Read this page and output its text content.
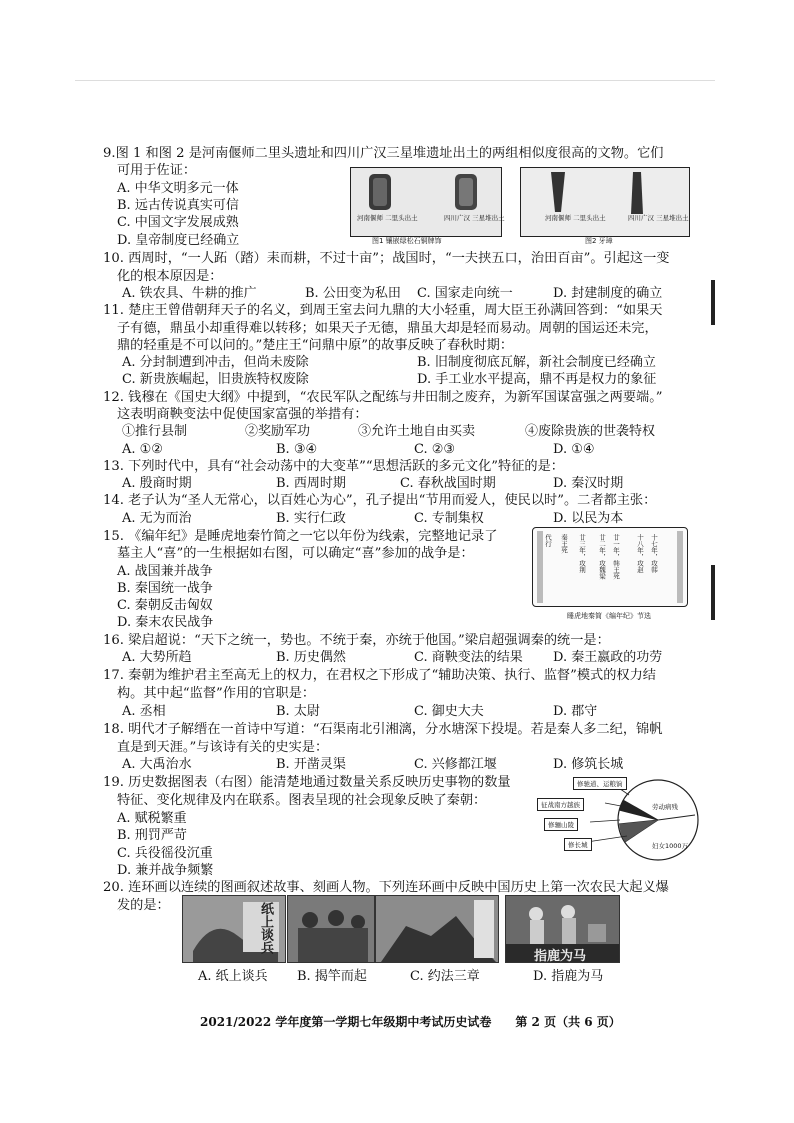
9.图 1 和图 2 是河南偃师二里头遗址和四川广汉三星堆遗址出土的两组相似度很高的文物。它们
可用于佐证：
A. 中华文明多元一体
B. 远古传说真实可信
C. 中国文字发展成熟
D. 皇帝制度已经确立
河南偃师 二里头出土	四川广汉 三星堆出土
图1 镶嵌绿松石铜牌饰
河南偃师 二里头出土	四川广汉 三星堆出土
图2 牙璋
10. 西周时，“一人跖（踏）耒而耕，不过十亩”；战国时，“一夫挟五口，治田百亩”。引起这一变
化的根本原因是：
A. 铁农具、牛耕的推广	B. 公田变为私田 C. 国家走向统一	D. 封建制度的确立
11. 楚庄王曾借朝拜天子的名义，到周王室去问九鼎的大小轻重，周大臣王孙满回答到：“如果天
子有德，鼎虽小却重得难以转移；如果天子无德，鼎虽大却是轻而易动。周朝的国运还未完，
鼎的轻重是不可以问的。”楚庄王“问鼎中原”的故事反映了春秋时期：
A. 分封制遭到冲击，但尚未废除	B. 旧制度彻底瓦解，新社会制度已经确立
C. 新贵族崛起，旧贵族特权废除	D. 手工业水平提高，鼎不再是权力的象征
12. 钱穆在《国史大纲》中提到，“农民军队之配练与井田制之废弃，为新军国谋富强之两要端。”
这表明商鞅变法中促使国家富强的举措有：
①推行县制	②奖励军功	③允许土地自由买卖	④废除贵族的世袭特权
A. ①②	B. ③④	C. ②③	D. ①④
13. 下列时代中，具有“社会动荡中的大变革”“思想活跃的多元文化”特征的是：
A. 殷商时期	B. 西周时期	C. 春秋战国时期	D. 秦汉时期
14. 老子认为“圣人无常心，以百姓心为心”，孔子提出“节用而爱人，使民以时”。二者都主张：
A. 无为而治	B. 实行仁政	C. 专制集权	D. 以民为本
15. 《编年纪》是睡虎地秦竹简之一它以年份为线索，完整地记录了
墓主人“喜”的一生根据如右图，可以确定“喜”参加的战争是：
A. 战国兼并战争
B. 秦国统一战争
C. 秦朝反击匈奴
D. 秦末农民战争
十七年，攻韩
十八年，攻赵
廿一年，韩王死
廿二年，攻魏梁
廿三年，攻荆
秦王死
代行
睡虎地秦简《编年纪》节选
16. 梁启超说：“天下之统一，势也。不统于秦，亦统于他国。”梁启超强调秦的统一是：
A. 大势所趋	B. 历史偶然	C. 商鞅变法的结果 D. 秦王嬴政的功劳
17. 秦朝为维护君主至高无上的权力，在君权之下形成了“辅助决策、执行、监督”模式的权力结
构。其中起“监督”作用的官职是：
A. 丞相	B. 太尉	C. 御史大夫	D. 郡守
18. 明代才子解缙在一首诗中写道：“石渠南北引湘漓，分水塘深下投堤。若是秦人多二纪，锦帆
直是到天涯。”与该诗有关的史实是：
A. 大禹治水	B. 开凿灵渠	C. 兴修都江堰	D. 修筑长城
19. 历史数据图表（右图）能清楚地通过数量关系反映历史事物的数量
特征、变化规律及内在联系。图表呈现的社会现象反映了秦朝：
A. 赋税繁重
B. 刑罚严苛
C. 兵役徭役沉重
D. 兼并战争频繁
修驰道、运粮饷
征战南方越族
修骊山陵
修长城
劳动病残
妇女1000万
20. 连环画以连续的图画叙述故事、刻画人物。下列连环画中反映中国历史上第一次农民大起义爆
发的是：	纸上谈兵
指鹿为马
A. 纸上谈兵 B. 揭竿而起	C. 约法三章	D. 指鹿为马
2021/2022 学年度第一学期七年级期中考试历史试卷　　第 2 页（共 6 页）
